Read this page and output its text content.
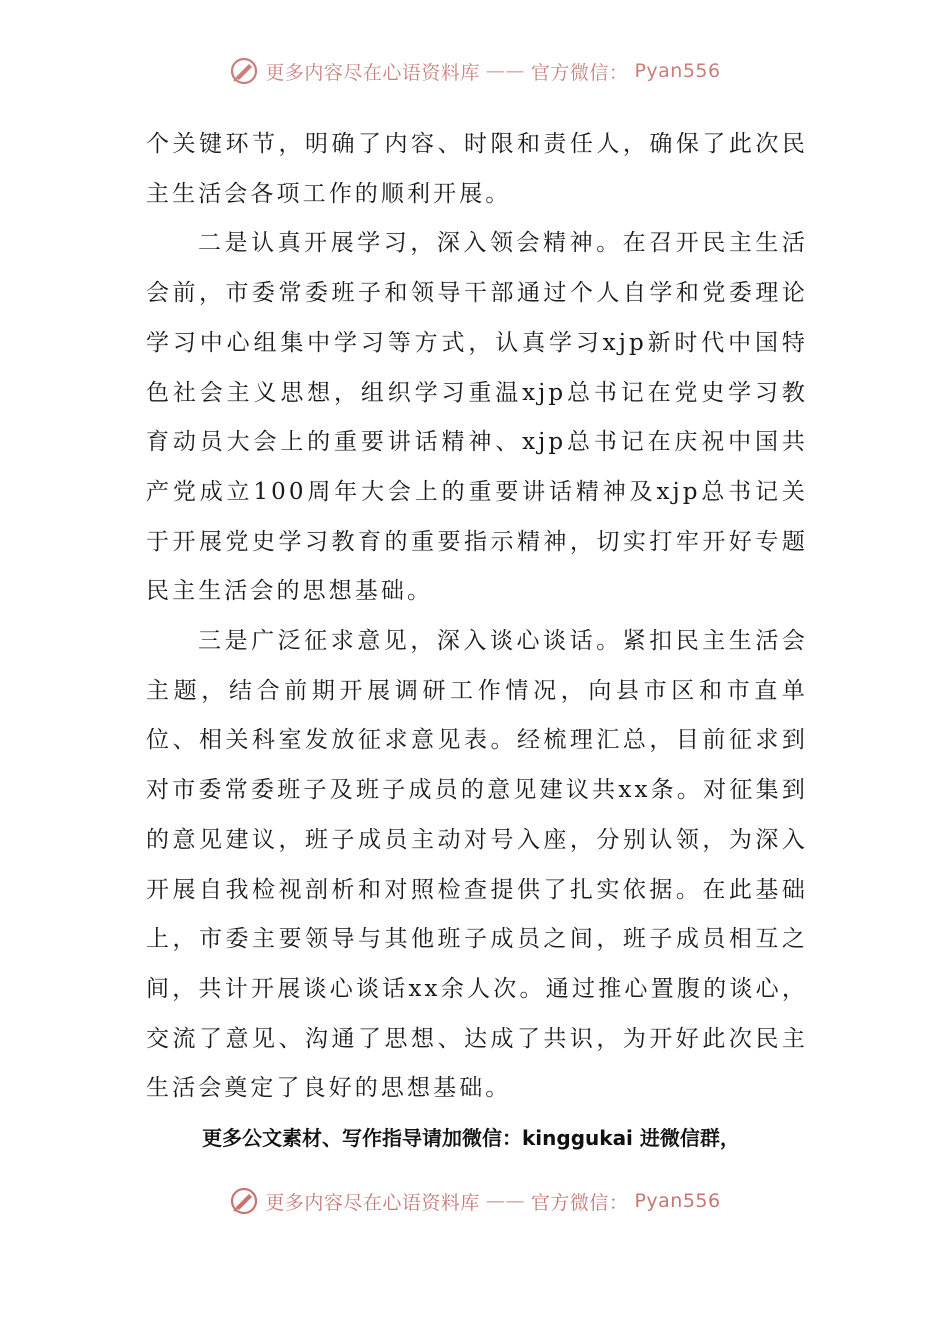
更多内容尽在心语资料库 —— 官方微信： Pyan556

个关键环节，明确了内容、时限和责任人，确保了此次民主生活会各项工作的顺利开展。

二是认真开展学习，深入领会精神。在召开民主生活会前，市委常委班子和领导干部通过个人自学和党委理论学习中心组集中学习等方式，认真学习xjp新时代中国特色社会主义思想，组织学习重温xjp总书记在党史学习教育动员大会上的重要讲话精神、xjp总书记在庆祝中国共产党成立100周年大会上的重要讲话精神及xjp总书记关于开展党史学习教育的重要指示精神，切实打牢开好专题民主生活会的思想基础。

三是广泛征求意见，深入谈心谈话。紧扣民主生活会主题，结合前期开展调研工作情况，向县市区和市直单位、相关科室发放征求意见表。经梳理汇总，目前征求到对市委常委班子及班子成员的意见建议共xx条。对征集到的意见建议，班子成员主动对号入座，分别认领，为深入开展自我检视剖析和对照检查提供了扎实依据。在此基础上，市委主要领导与其他班子成员之间，班子成员相互之间，共计开展谈心谈话xx余人次。通过推心置腹的谈心，交流了意见、沟通了思想、达成了共识，为开好此次民主生活会奠定了良好的思想基础。

更多公文素材、写作指导请加微信：kinggukai 进微信群，
更多内容尽在心语资料库 —— 官方微信： Pyan556
